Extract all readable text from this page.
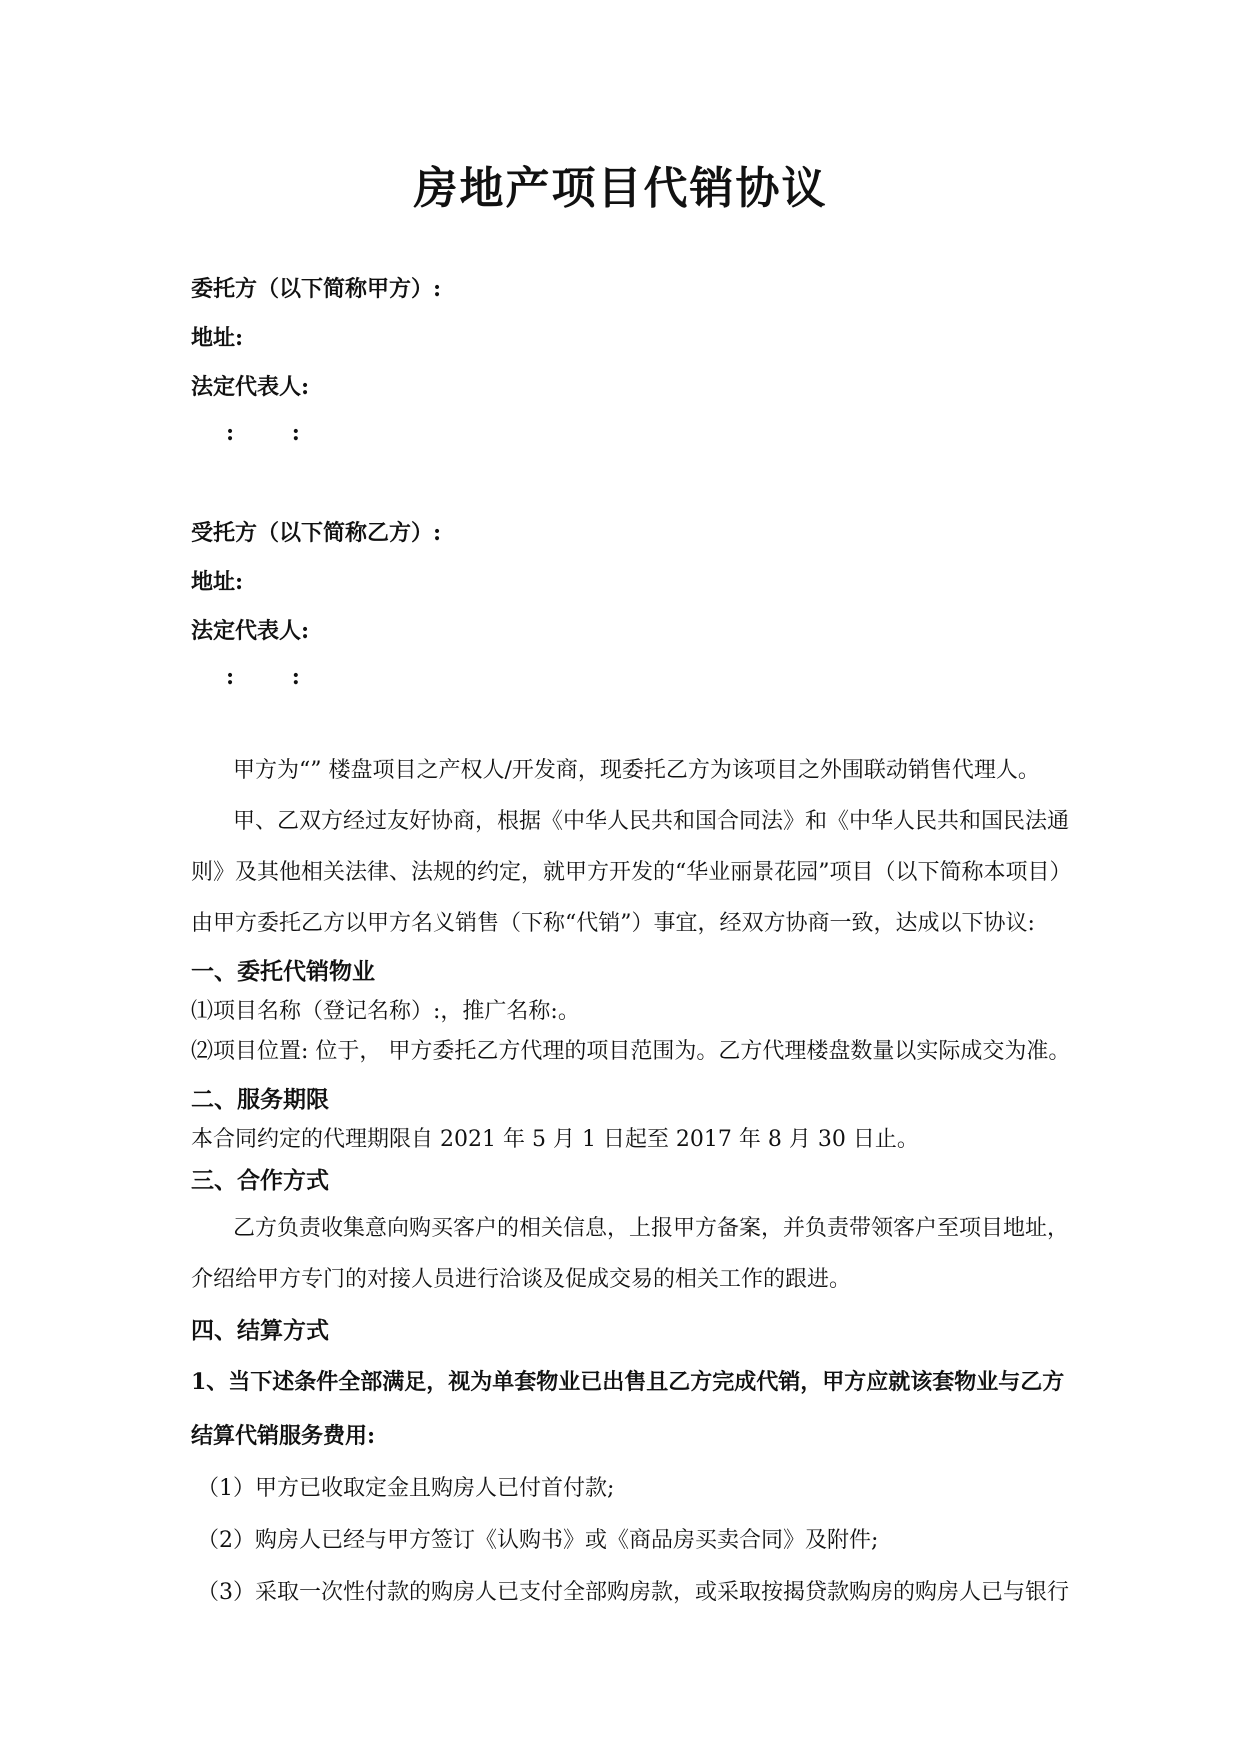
房地产项目代销协议
委托方（以下简称甲方）:
地址:
法定代表人:
:	:
受托方（以下简称乙方）:
地址:
法定代表人:
:	:
甲方为“” 楼盘项目之产权人/开发商，现委托乙方为该项目之外围联动销售代理人。
甲、乙双方经过友好协商，根据《中华人民共和国合同法》和《中华人民共和国民法通
则》及其他相关法律、法规的约定，就甲方开发的“华业丽景花园”项目（以下简称本项目）
由甲方委托乙方以甲方名义销售（下称“代销”）事宜，经双方协商一致，达成以下协议:
一、委托代销物业
⑴项目名称（登记名称）:，推广名称:。
⑵项目位置: 位于， 甲方委托乙方代理的项目范围为。乙方代理楼盘数量以实际成交为准。
二、服务期限
本合同约定的代理期限自 2021 年 5 月 1 日起至 2017 年 8 月 30 日止。
三、合作方式
乙方负责收集意向购买客户的相关信息，上报甲方备案，并负责带领客户至项目地址，
介绍给甲方专门的对接人员进行洽谈及促成交易的相关工作的跟进。
四、结算方式
1、当下述条件全部满足，视为单套物业已出售且乙方完成代销，甲方应就该套物业与乙方
结算代销服务费用:
（1）甲方已收取定金且购房人已付首付款;
（2）购房人已经与甲方签订《认购书》或《商品房买卖合同》及附件;
（3）采取一次性付款的购房人已支付全部购房款，或采取按揭贷款购房的购房人已与银行
